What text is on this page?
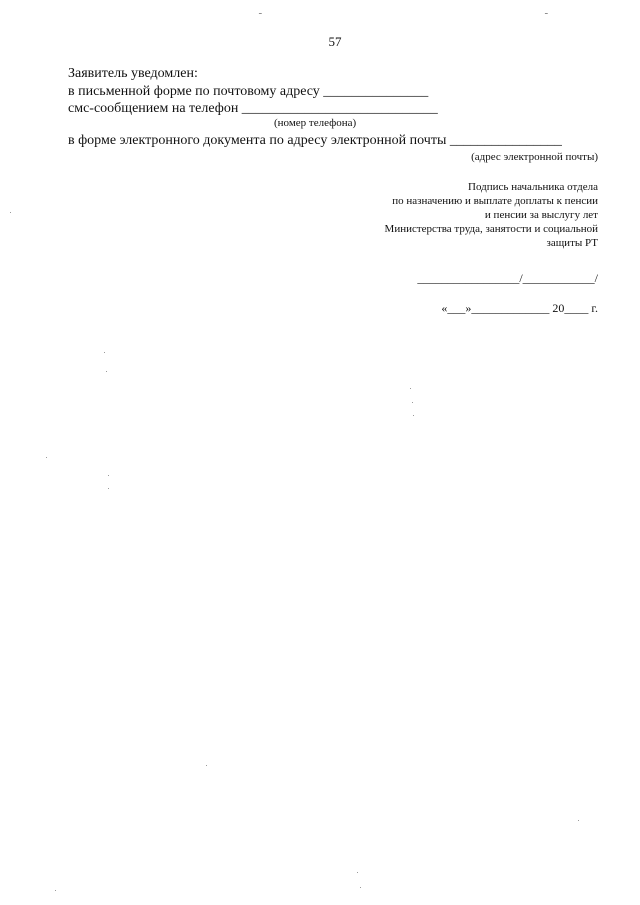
57
Заявитель уведомлен:
в письменной форме по почтовому адресу _______________
смс-сообщением на телефон ____________________________
(номер телефона)
в форме электронного документа по адресу электронной почты ________________
(адрес электронной почты)
Подпись начальника отдела
по назначению и выплате доплаты к пенсии
и пенсии за выслугу лет
Министерства труда, занятости и социальной
защиты РТ
_________________/____________/
«___»_____________ 20____ г.
ـ	ـ
